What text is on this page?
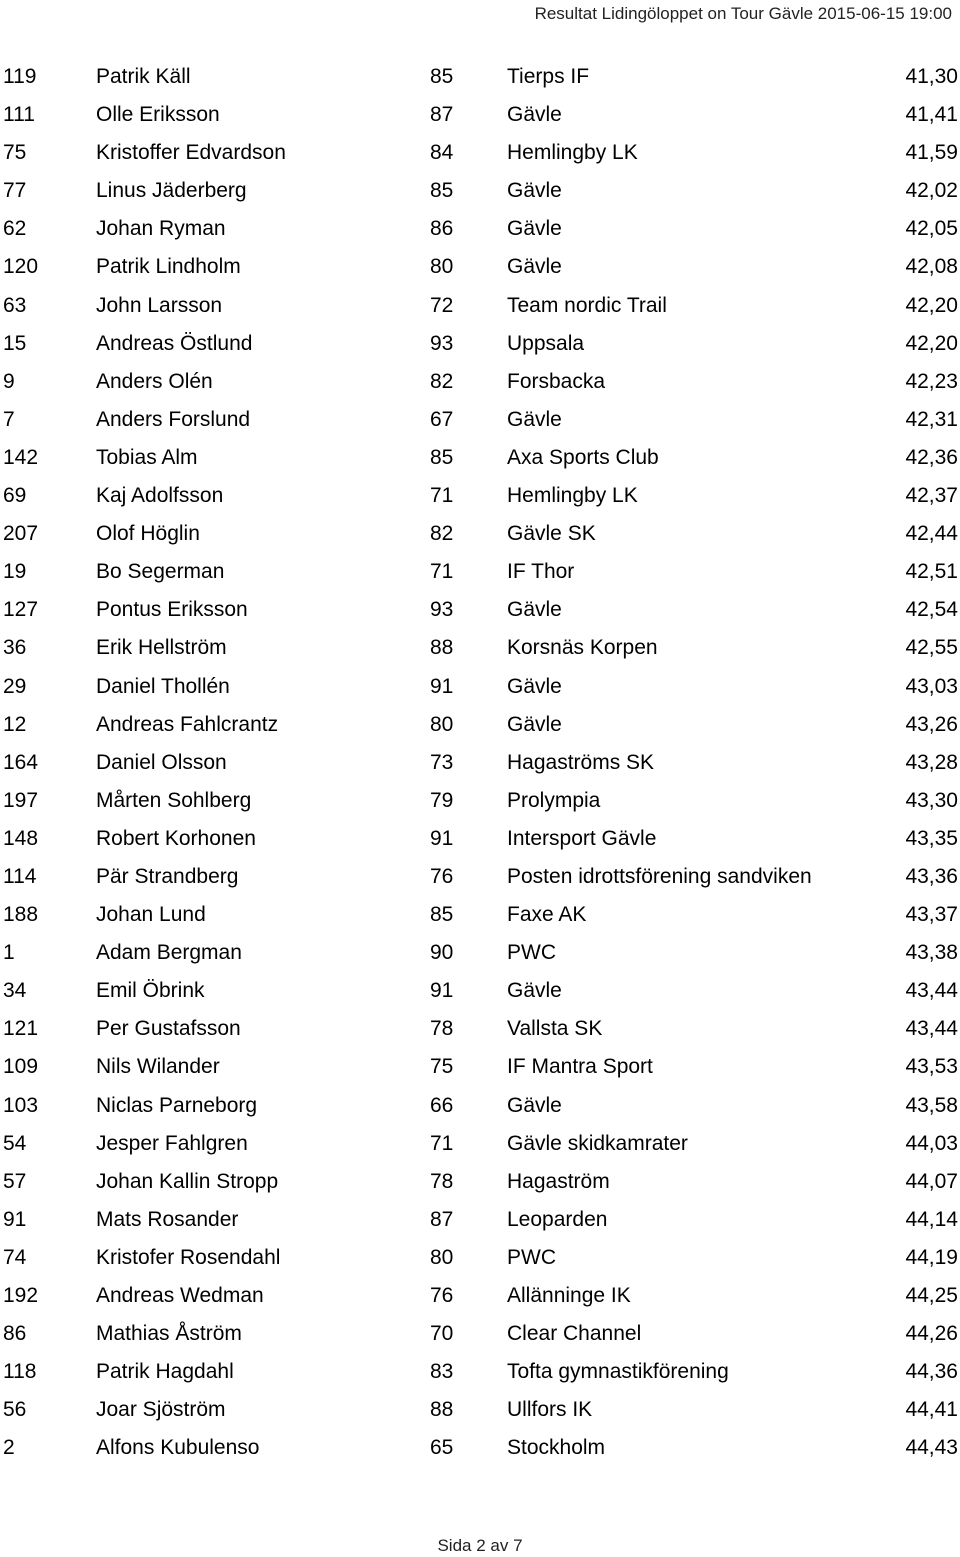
Resultat Lidingöloppet on Tour Gävle 2015-06-15 19:00
119	Patrik Käll	85	Tierps IF	41,30
111	Olle Eriksson	87	Gävle	41,41
75	Kristoffer Edvardson	84	Hemlingby LK	41,59
77	Linus Jäderberg	85	Gävle	42,02
62	Johan Ryman	86	Gävle	42,05
120	Patrik Lindholm	80	Gävle	42,08
63	John Larsson	72	Team nordic Trail	42,20
15	Andreas Östlund	93	Uppsala	42,20
9	Anders Olén	82	Forsbacka	42,23
7	Anders Forslund	67	Gävle	42,31
142	Tobias Alm	85	Axa Sports Club	42,36
69	Kaj Adolfsson	71	Hemlingby LK	42,37
207	Olof Höglin	82	Gävle SK	42,44
19	Bo Segerman	71	IF Thor	42,51
127	Pontus Eriksson	93	Gävle	42,54
36	Erik Hellström	88	Korsnäs Korpen	42,55
29	Daniel Thollén	91	Gävle	43,03
12	Andreas Fahlcrantz	80	Gävle	43,26
164	Daniel Olsson	73	Hagaströms SK	43,28
197	Mårten Sohlberg	79	Prolympia	43,30
148	Robert Korhonen	91	Intersport Gävle	43,35
114	Pär Strandberg	76	Posten idrottsförening sandviken	43,36
188	Johan Lund	85	Faxe AK	43,37
1	Adam Bergman	90	PWC	43,38
34	Emil Öbrink	91	Gävle	43,44
121	Per Gustafsson	78	Vallsta SK	43,44
109	Nils Wilander	75	IF Mantra Sport	43,53
103	Niclas Parneborg	66	Gävle	43,58
54	Jesper Fahlgren	71	Gävle skidkamrater	44,03
57	Johan Kallin Stropp	78	Hagaström	44,07
91	Mats Rosander	87	Leoparden	44,14
74	Kristofer Rosendahl	80	PWC	44,19
192	Andreas Wedman	76	Allänninge IK	44,25
86	Mathias Åström	70	Clear Channel	44,26
118	Patrik Hagdahl	83	Tofta gymnastikförening	44,36
56	Joar Sjöström	88	Ullfors IK	44,41
2	Alfons Kubulenso	65	Stockholm	44,43
Sida 2 av 7
